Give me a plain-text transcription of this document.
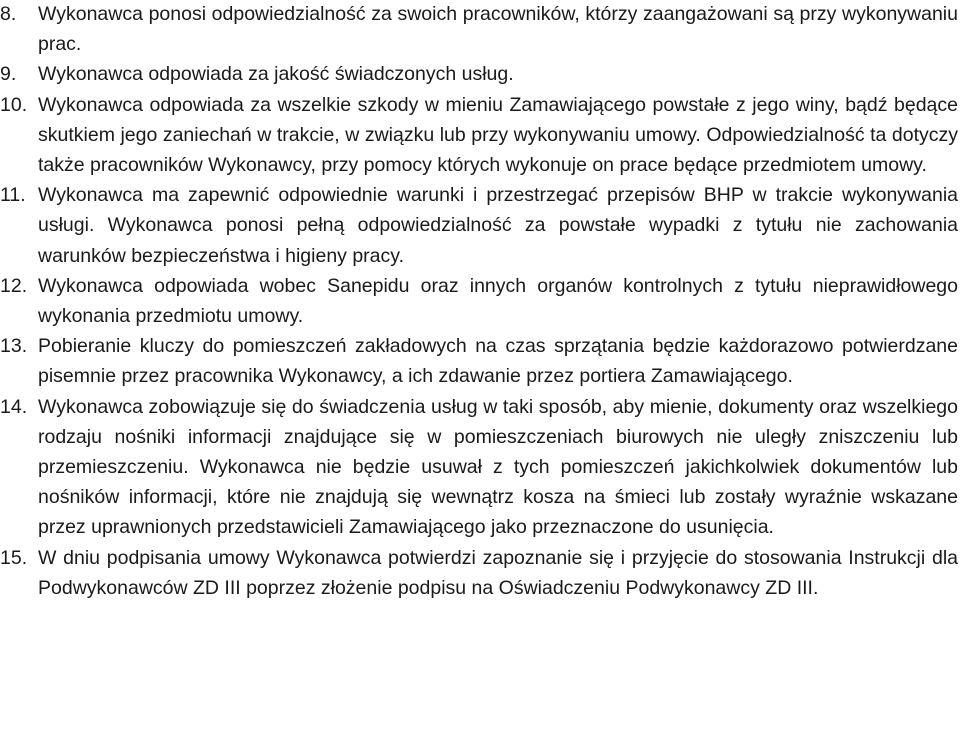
8.	Wykonawca ponosi odpowiedzialność za swoich pracowników, którzy zaangażowani są przy wykonywaniu prac.
9.	Wykonawca odpowiada za jakość świadczonych usług.
10. Wykonawca odpowiada za wszelkie szkody w mieniu Zamawiającego powstałe z jego winy, bądź będące skutkiem jego zaniechań w trakcie, w związku lub przy wykonywaniu umowy. Odpowiedzialność ta dotyczy także pracowników Wykonawcy, przy pomocy których wykonuje on prace będące przedmiotem umowy.
11. Wykonawca ma zapewnić odpowiednie warunki i przestrzegać przepisów BHP w trakcie wykonywania usługi. Wykonawca ponosi pełną odpowiedzialność za powstałe wypadki z tytułu nie zachowania warunków bezpieczeństwa i higieny pracy.
12. Wykonawca odpowiada wobec Sanepidu oraz innych organów kontrolnych z tytułu nieprawidłowego wykonania przedmiotu umowy.
13. Pobieranie kluczy do pomieszczeń zakładowych na czas sprzątania będzie każdorazowo potwierdzane pisemnie przez pracownika Wykonawcy, a ich zdawanie przez portiera Zamawiającego.
14. Wykonawca zobowiązuje się do świadczenia usług w taki sposób, aby mienie, dokumenty oraz wszelkiego rodzaju nośniki informacji znajdujące się w pomieszczeniach biurowych nie uległy zniszczeniu lub przemieszczeniu. Wykonawca nie będzie usuwał z tych pomieszczeń jakichkolwiek dokumentów lub nośników informacji, które nie znajdują się wewnątrz kosza na śmieci lub zostały wyraźnie wskazane przez uprawnionych przedstawicieli Zamawiającego jako przeznaczone do usunięcia.
15. W dniu podpisania umowy Wykonawca potwierdzi zapoznanie się i przyjęcie do stosowania Instrukcji dla Podwykonawców ZD III poprzez złożenie podpisu na Oświadczeniu Podwykonawcy ZD III.
